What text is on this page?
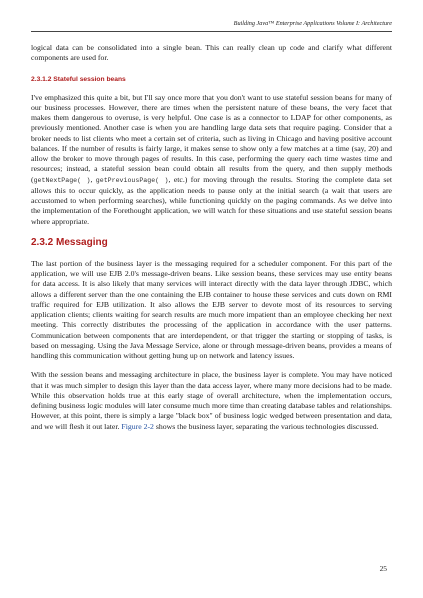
Building Java™ Enterprise Applications Volume I: Architecture

logical data can be consolidated into a single bean. This can really clean up code and clarify what different components are used for.

2.3.1.2 Stateful session beans

I've emphasized this quite a bit, but I'll say once more that you don't want to use stateful session beans for many of our business processes. However, there are times when the persistent nature of these beans, the very facet that makes them dangerous to overuse, is very helpful. One case is as a connector to LDAP for other components, as previously mentioned. Another case is when you are handling large data sets that require paging. Consider that a broker needs to list clients who meet a certain set of criteria, such as living in Chicago and having positive account balances. If the number of results is fairly large, it makes sense to show only a few matches at a time (say, 20) and allow the broker to move through pages of results. In this case, performing the query each time wastes time and resources; instead, a stateful session bean could obtain all results from the query, and then supply methods (getNextPage( ), getPreviousPage( ), etc.) for moving through the results. Storing the complete data set allows this to occur quickly, as the application needs to pause only at the initial search (a wait that users are accustomed to when performing searches), while functioning quickly on the paging commands. As we delve into the implementation of the Forethought application, we will watch for these situations and use stateful session beans where appropriate.

2.3.2 Messaging

The last portion of the business layer is the messaging required for a scheduler component. For this part of the application, we will use EJB 2.0's message-driven beans. Like session beans, these services may use entity beans for data access. It is also likely that many services will interact directly with the data layer through JDBC, which allows a different server than the one containing the EJB container to house these services and cuts down on RMI traffic required for EJB utilization. It also allows the EJB server to devote most of its resources to serving application clients; clients waiting for search results are much more impatient than an employee checking her next meeting. This correctly distributes the processing of the application in accordance with the user patterns. Communication between components that are interdependent, or that trigger the starting or stopping of tasks, is based on messaging. Using the Java Message Service, alone or through message-driven beans, provides a means of handling this communication without getting hung up on network and latency issues.

With the session beans and messaging architecture in place, the business layer is complete. You may have noticed that it was much simpler to design this layer than the data access layer, where many more decisions had to be made. While this observation holds true at this early stage of overall architecture, when the implementation occurs, defining business logic modules will later consume much more time than creating database tables and relationships. However, at this point, there is simply a large "black box" of business logic wedged between presentation and data, and we will flesh it out later. Figure 2-2 shows the business layer, separating the various technologies discussed.

25
